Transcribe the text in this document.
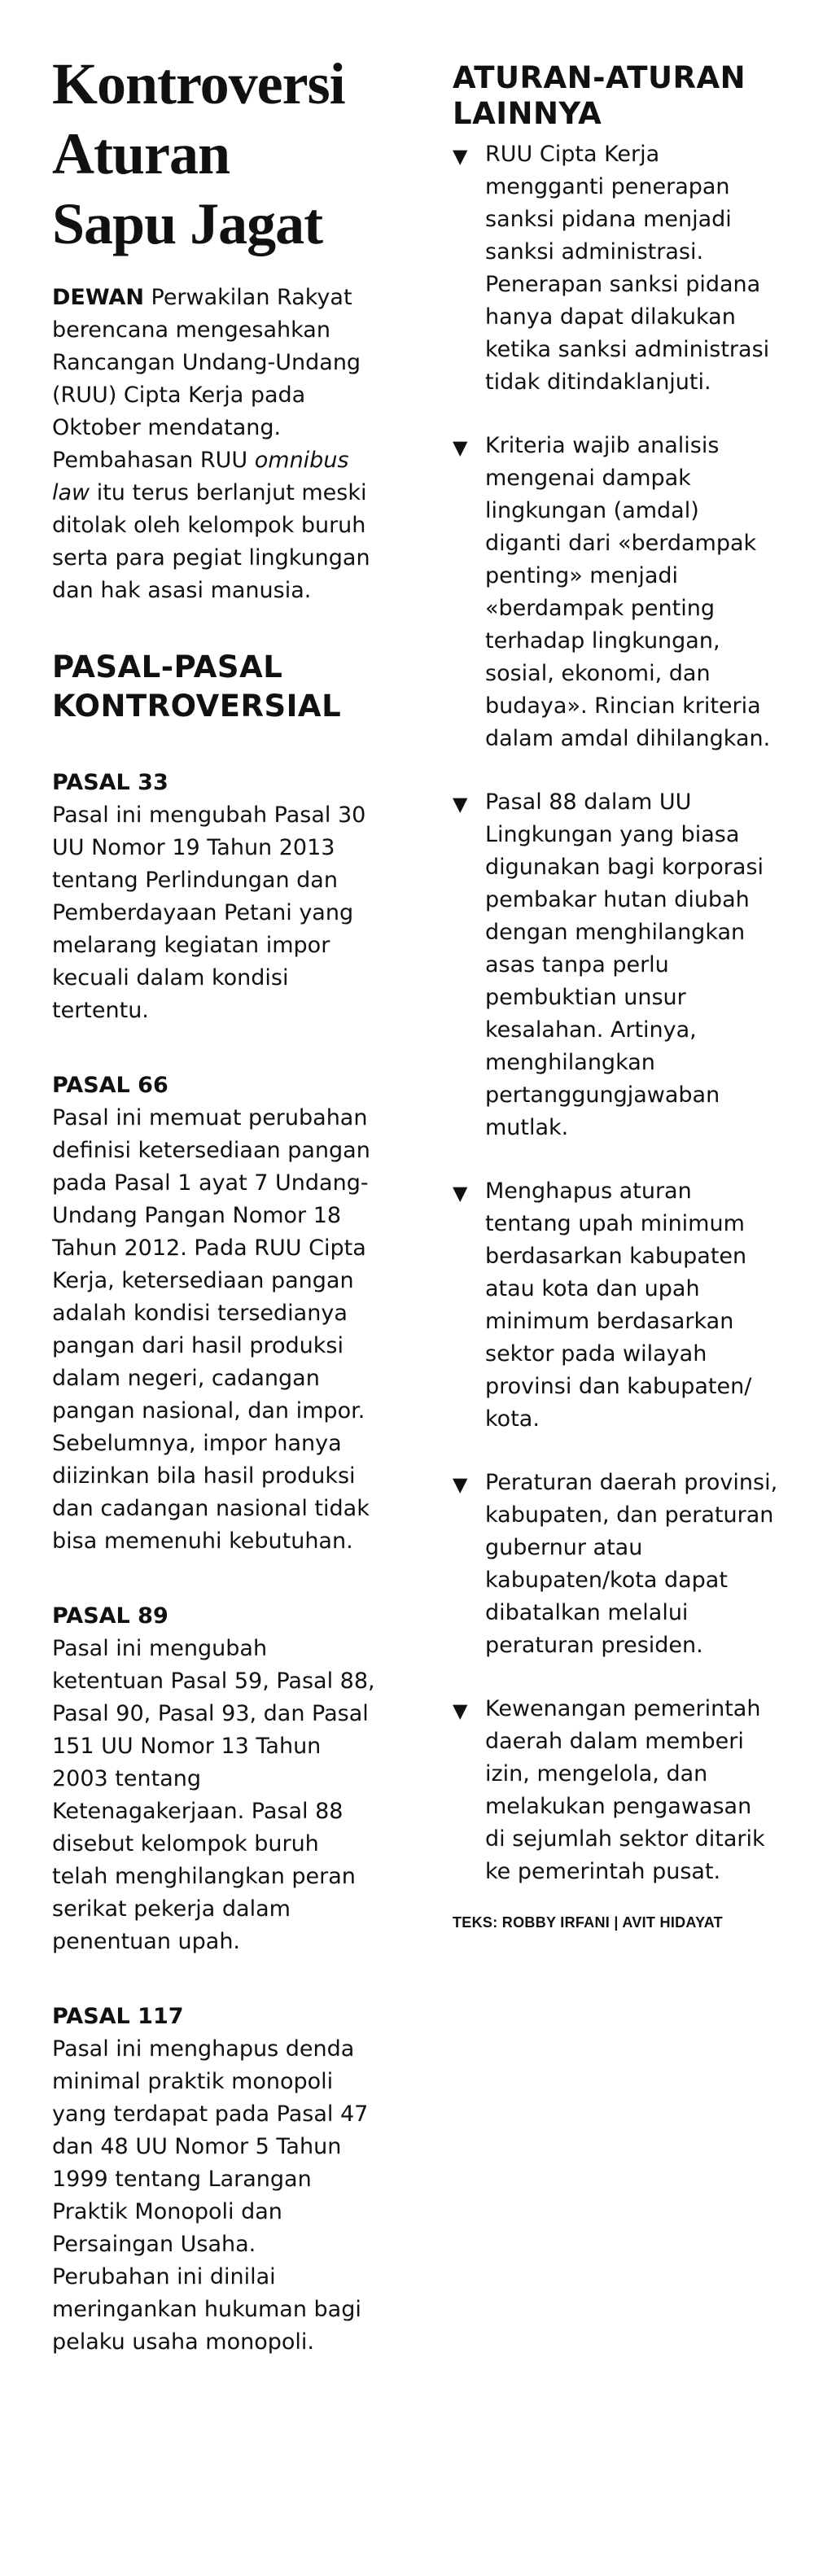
Kontroversi
Aturan
Sapu Jagat

DEWAN Perwakilan Rakyat berencana mengesahkan Rancangan Undang-Undang (RUU) Cipta Kerja pada Oktober mendatang. Pembahasan RUU omnibus law itu terus berlanjut meski ditolak oleh kelompok buruh serta para pegiat lingkungan dan hak asasi manusia.

PASAL-PASAL
KONTROVERSIAL

PASAL 33

Pasal ini mengubah Pasal 30 UU Nomor 19 Tahun 2013 tentang Perlindungan dan Pemberdayaan Petani yang melarang kegiatan impor kecuali dalam kondisi tertentu.

PASAL 66

Pasal ini memuat perubahan definisi ketersediaan pangan pada Pasal 1 ayat 7 Undang-Undang Pangan Nomor 18 Tahun 2012. Pada RUU Cipta Kerja, ketersediaan pangan adalah kondisi tersedianya pangan dari hasil produksi dalam negeri, cadangan pangan nasional, dan impor. Sebelumnya, impor hanya diizinkan bila hasil produksi dan cadangan nasional tidak bisa memenuhi kebutuhan.

PASAL 89

Pasal ini mengubah ketentuan Pasal 59, Pasal 88, Pasal 90, Pasal 93, dan Pasal 151 UU Nomor 13 Tahun 2003 tentang Ketenagakerjaan. Pasal 88 disebut kelompok buruh telah menghilangkan peran serikat pekerja dalam penentuan upah.

PASAL 117

Pasal ini menghapus denda minimal praktik monopoli yang terdapat pada Pasal 47 dan 48 UU Nomor 5 Tahun 1999 tentang Larangan Praktik Monopoli dan Persaingan Usaha. Perubahan ini dinilai meringankan hukuman bagi pelaku usaha monopoli.

ATURAN-ATURAN
LAINNYA
▼ RUU Cipta Kerja mengganti penerapan sanksi pidana menjadi sanksi administrasi. Penerapan sanksi pidana hanya dapat dilakukan ketika sanksi administrasi tidak ditindaklanjuti.
▼ Kriteria wajib analisis mengenai dampak lingkungan (amdal) diganti dari «berdampak penting» menjadi «berdampak penting terhadap lingkungan, sosial, ekonomi, dan budaya». Rincian kriteria dalam amdal dihilangkan.
▼ Pasal 88 dalam UU Lingkungan yang biasa digunakan bagi korporasi pembakar hutan diubah dengan menghilangkan asas tanpa perlu pembuktian unsur kesalahan. Artinya, menghilangkan pertanggungjawaban mutlak.
▼ Menghapus aturan tentang upah minimum berdasarkan kabupaten atau kota dan upah minimum berdasarkan sektor pada wilayah provinsi dan kabupaten/ kota.
▼ Peraturan daerah provinsi, kabupaten, dan peraturan gubernur atau kabupaten/kota dapat dibatalkan melalui peraturan presiden.
▼ Kewenangan pemerintah daerah dalam memberi izin, mengelola, dan melakukan pengawasan di sejumlah sektor ditarik ke pemerintah pusat.
TEKS: ROBBY IRFANI | AVIT HIDAYAT
